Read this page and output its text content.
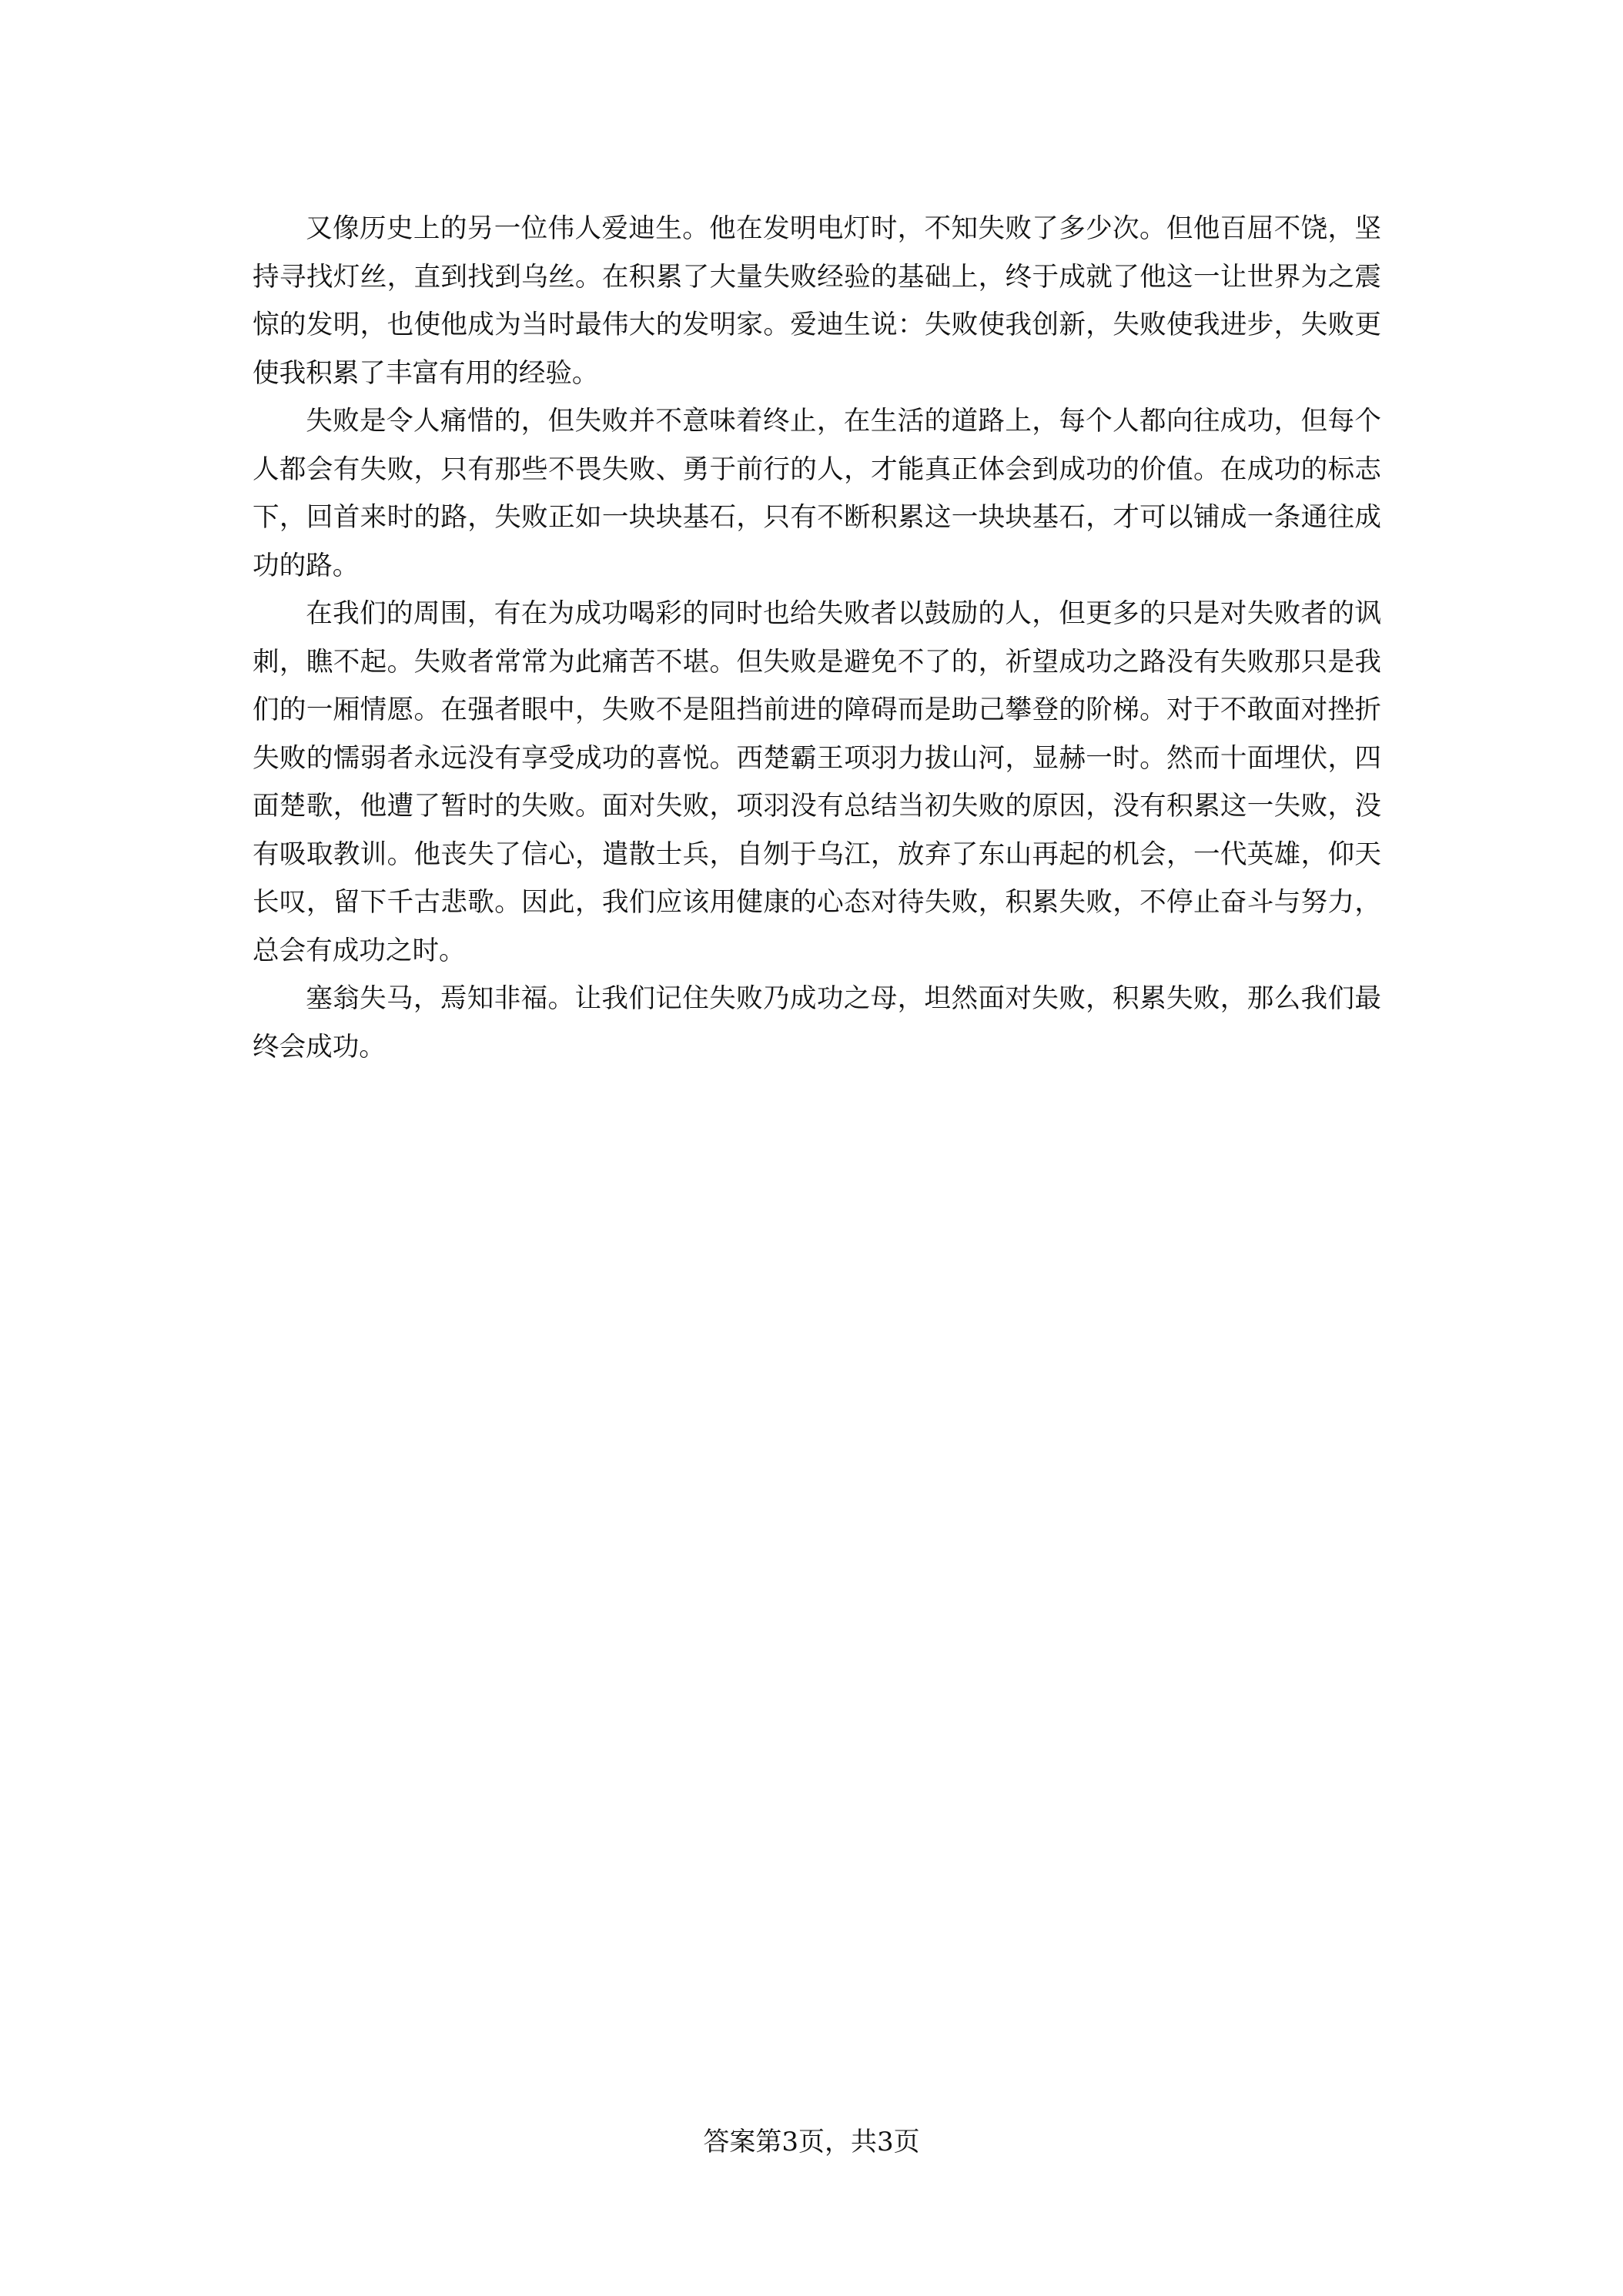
又像历史上的另一位伟人爱迪生。他在发明电灯时，不知失败了多少次。但他百屈不饶，坚持寻找灯丝，直到找到乌丝。在积累了大量失败经验的基础上，终于成就了他这一让世界为之震惊的发明，也使他成为当时最伟大的发明家。爱迪生说：失败使我创新，失败使我进步，失败更使我积累了丰富有用的经验。

失败是令人痛惜的，但失败并不意味着终止，在生活的道路上，每个人都向往成功，但每个人都会有失败，只有那些不畏失败、勇于前行的人，才能真正体会到成功的价值。在成功的标志下，回首来时的路，失败正如一块块基石，只有不断积累这一块块基石，才可以铺成一条通往成功的路。

在我们的周围，有在为成功喝彩的同时也给失败者以鼓励的人，但更多的只是对失败者的讽刺，瞧不起。失败者常常为此痛苦不堪。但失败是避免不了的，祈望成功之路没有失败那只是我们的一厢情愿。在强者眼中，失败不是阻挡前进的障碍而是助己攀登的阶梯。对于不敢面对挫折失败的懦弱者永远没有享受成功的喜悦。西楚霸王项羽力拔山河，显赫一时。然而十面埋伏，四面楚歌，他遭了暂时的失败。面对失败，项羽没有总结当初失败的原因，没有积累这一失败，没有吸取教训。他丧失了信心，遣散士兵，自刎于乌江，放弃了东山再起的机会，一代英雄，仰天长叹，留下千古悲歌。因此，我们应该用健康的心态对待失败，积累失败，不停止奋斗与努力，总会有成功之时。

塞翁失马，焉知非福。让我们记住失败乃成功之母，坦然面对失败，积累失败，那么我们最终会成功。

答案第3页，共3页
